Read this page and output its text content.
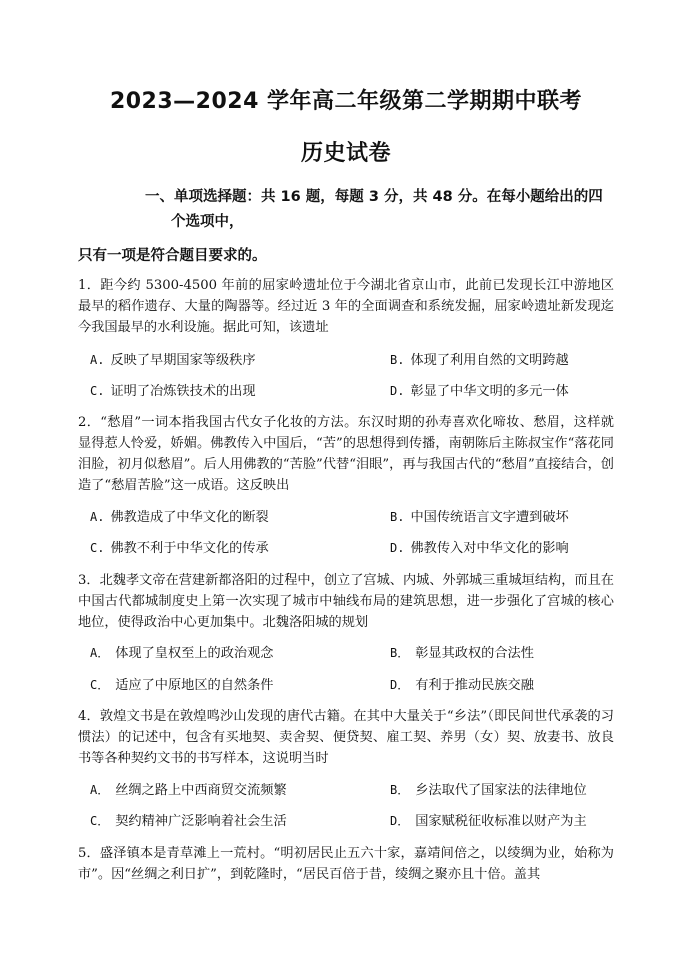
2023—2024 学年高二年级第二学期期中联考
历史试卷
一、单项选择题：共 16 题，每题 3 分，共 48 分。在每小题给出的四
个选项中，
只有一项是符合题目要求的。
1．距今约 5300-4500 年前的屈家岭遗址位于今湖北省京山市，此前已发现长江中游地区最早的稻作遗存、大量的陶器等。经过近 3 年的全面调查和系统发掘，屈家岭遗址新发现迄今我国最早的水利设施。据此可知，该遗址
A. 反映了早期国家等级秩序	B. 体现了利用自然的文明跨越
C. 证明了冶炼铁技术的出现	D. 彰显了中华文明的多元一体
2．“愁眉”一词本指我国古代女子化妆的方法。东汉时期的孙寿喜欢化啼妆、愁眉，这样就显得惹人怜爱，娇媚。佛教传入中国后，“苦”的思想得到传播，南朝陈后主陈叔宝作“落花同泪脸，初月似愁眉”。后人用佛教的“苦脸”代替“泪眼”，再与我国古代的“愁眉”直接结合，创造了“愁眉苦脸”这一成语。这反映出
A. 佛教造成了中华文化的断裂	B. 中国传统语言文字遭到破坏
C. 佛教不利于中华文化的传承	D. 佛教传入对中华文化的影响
3．北魏孝文帝在营建新都洛阳的过程中，创立了宫城、内城、外郭城三重城垣结构，而且在中国古代都城制度史上第一次实现了城市中轴线布局的建筑思想，进一步强化了宫城的核心地位，使得政治中心更加集中。北魏洛阳城的规划
A． 体现了皇权至上的政治观念	B． 彰显其政权的合法性
C． 适应了中原地区的自然条件	D． 有利于推动民族交融
4．敦煌文书是在敦煌鸣沙山发现的唐代古籍。在其中大量关于“乡法”（即民间世代承袭的习惯法）的记述中，包含有买地契、卖舍契、便贷契、雇工契、养男（女）契、放妻书、放良书等各种契约文书的书写样本，这说明当时
A． 丝绸之路上中西商贸交流频繁	B． 乡法取代了国家法的法律地位
C． 契约精神广泛影响着社会生活	D． 国家赋税征收标准以财产为主
5．盛泽镇本是青草滩上一荒村。“明初居民止五六十家，嘉靖间倍之，以绫绸为业，始称为市”。因“丝绸之利日扩”，到乾隆时，“居民百倍于昔，绫绸之聚亦且十倍。盖其
